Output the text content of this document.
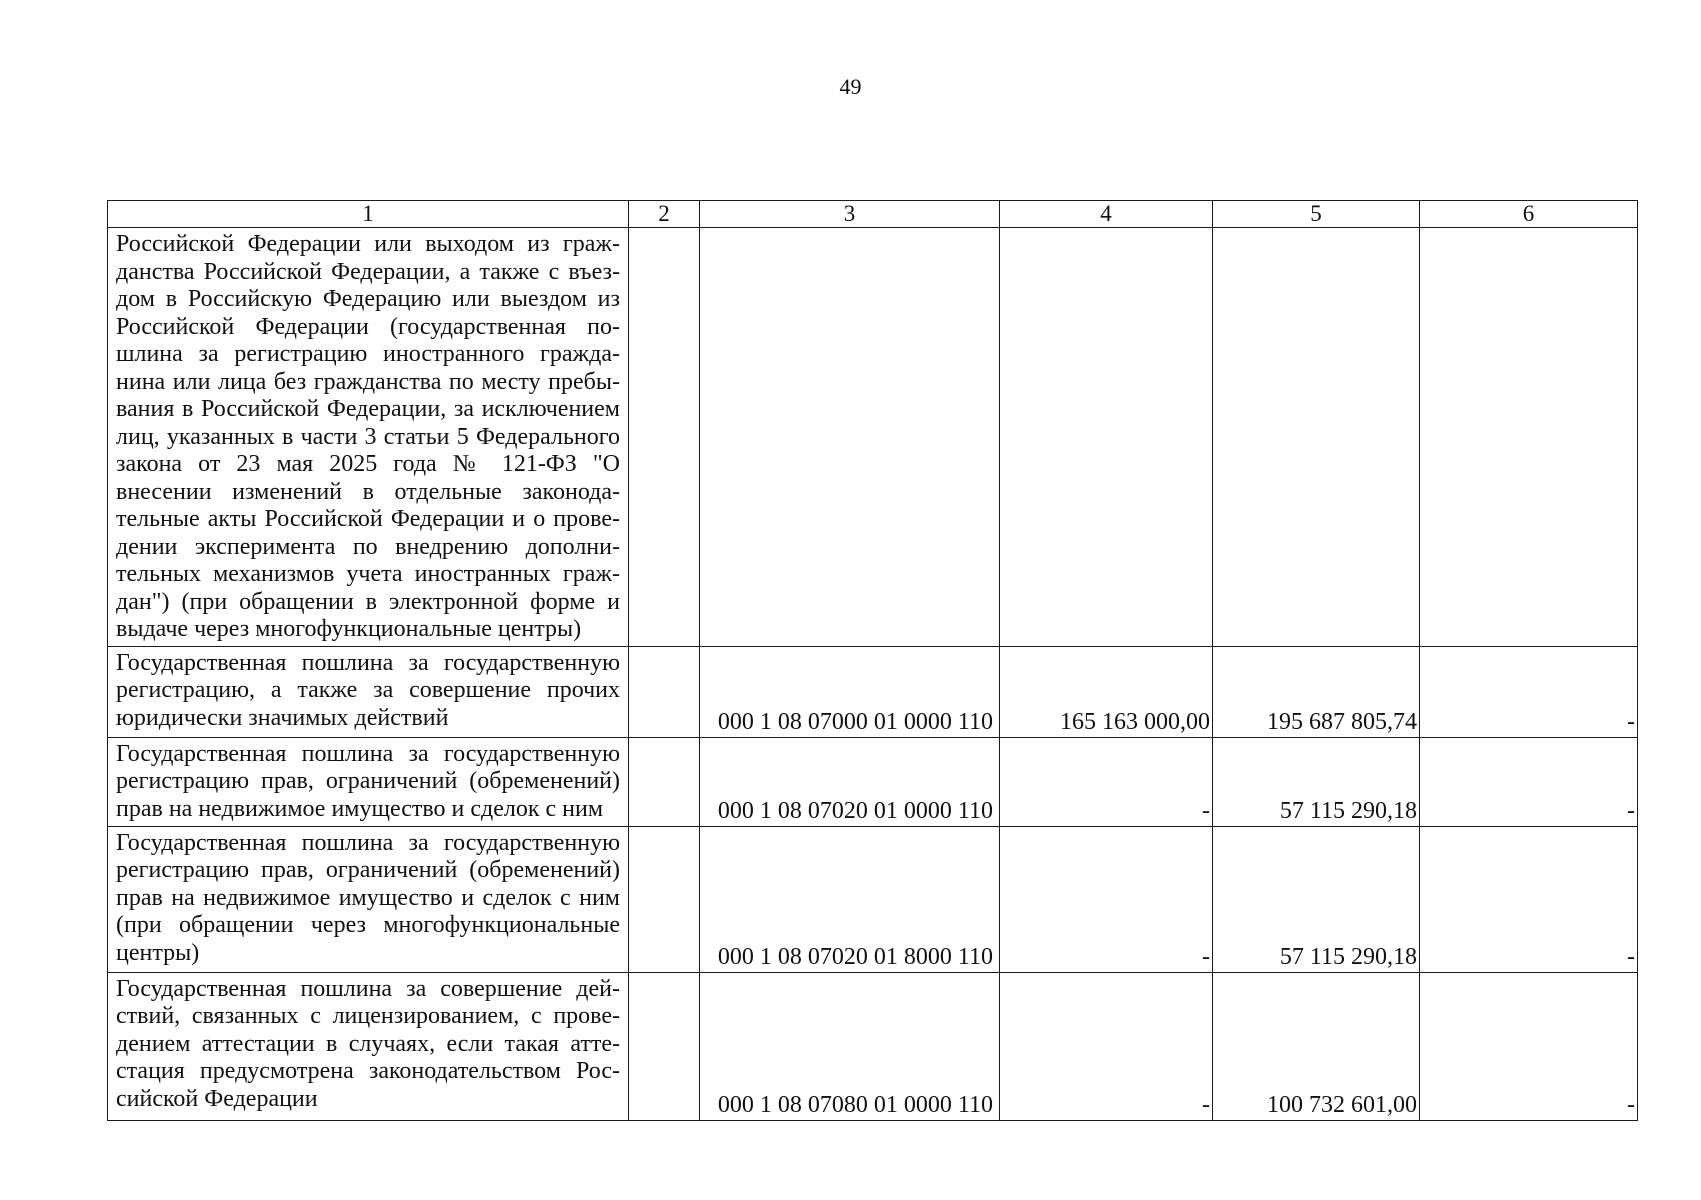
49
1	2	3	4	5	6
Российской Федерации или выходом из гражданства Российской Федерации, а также с въездом в Российскую Федерацию или выездом из Российской Федерации (государственная пошлина за регистрацию иностранного гражданина или лица без гражданства по месту пребывания в Российской Федерации, за исключением лиц, указанных в части 3 статьи 5 Федерального закона от 23 мая 2025 года № 121-ФЗ "О внесении изменений в отдельные законодательные акты Российской Федерации и о проведении эксперимента по внедрению дополнительных механизмов учета иностранных граждан") (при обращении в электронной форме и выдаче через многофункциональные центры)					
Государственная пошлина за государственную регистрацию, а также за совершение прочих юридически значимых действий		000 1 08 07000 01 0000 110	165 163 000,00	195 687 805,74	-
Государственная пошлина за государственную регистрацию прав, ограничений (обременений) прав на недвижимое имущество и сделок с ним		000 1 08 07020 01 0000 110	-	57 115 290,18	-
Государственная пошлина за государственную регистрацию прав, ограничений (обременений) прав на недвижимое имущество и сделок с ним (при обращении через многофункциональные центры)		000 1 08 07020 01 8000 110	-	57 115 290,18	-
Государственная пошлина за совершение действий, связанных с лицензированием, с проведением аттестации в случаях, если такая аттестация предусмотрена законодательством Российской Федерации		000 1 08 07080 01 0000 110	-	100 732 601,00	-
